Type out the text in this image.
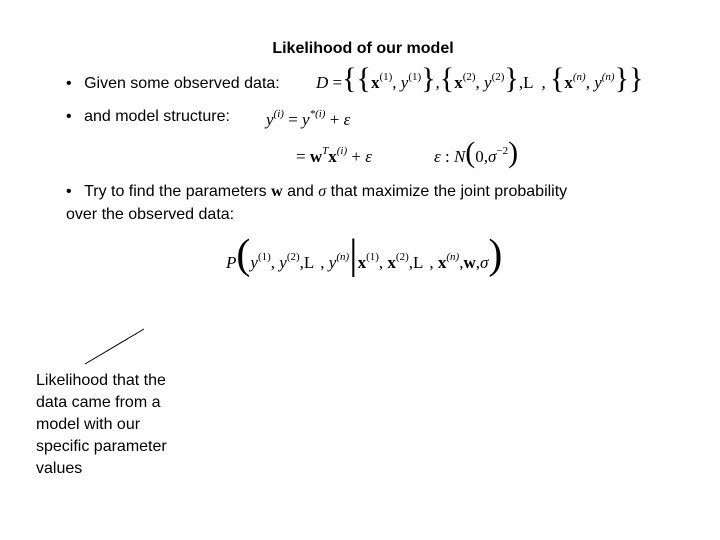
Likelihood of our model
• Given some observed data: $D =\{\{x^{(1)}$, $y^{(1)}\},\{x^{(2)}$, $y^{(2)}\},L$ , {$x^{(n)}$, $y^{(n)}$}}
• and model structure: $y^{(i)} = y^{*(i)} + \varepsilon$
= $w^Tx^{(i)} + \varepsilon$	ε : $N(0,\sigma^{-2})$
• Try to find the parameters w and σ that maximize the joint probability
over the observed data:
$P(y^{(1)}$, $y^{(2)},L$ , $y^{(n)}|x^{(1)}$, $x^{(2)},L$ , $x^{(n)},w,\sigma$)
Likelihood that the data came from a model with our specific parameter values
